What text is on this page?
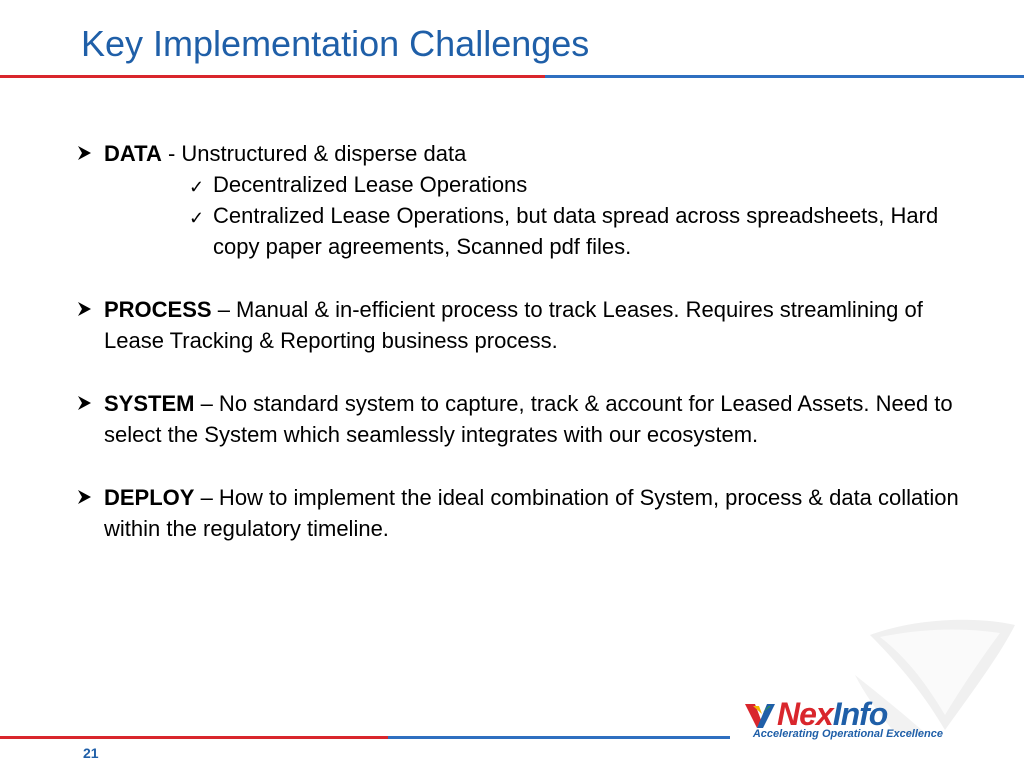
Key Implementation Challenges
DATA - Unstructured & disperse data
✓ Decentralized Lease Operations
✓ Centralized Lease Operations, but data spread across spreadsheets, Hard copy paper agreements, Scanned pdf files.
PROCESS – Manual & in-efficient process to track Leases. Requires streamlining of Lease Tracking & Reporting business process.
SYSTEM – No standard system to capture, track & account for Leased Assets. Need to select the System which seamlessly integrates with our ecosystem.
DEPLOY – How to implement the ideal combination of System, process & data collation within the regulatory timeline.
NexInfo
Accelerating Operational Excellence
21
